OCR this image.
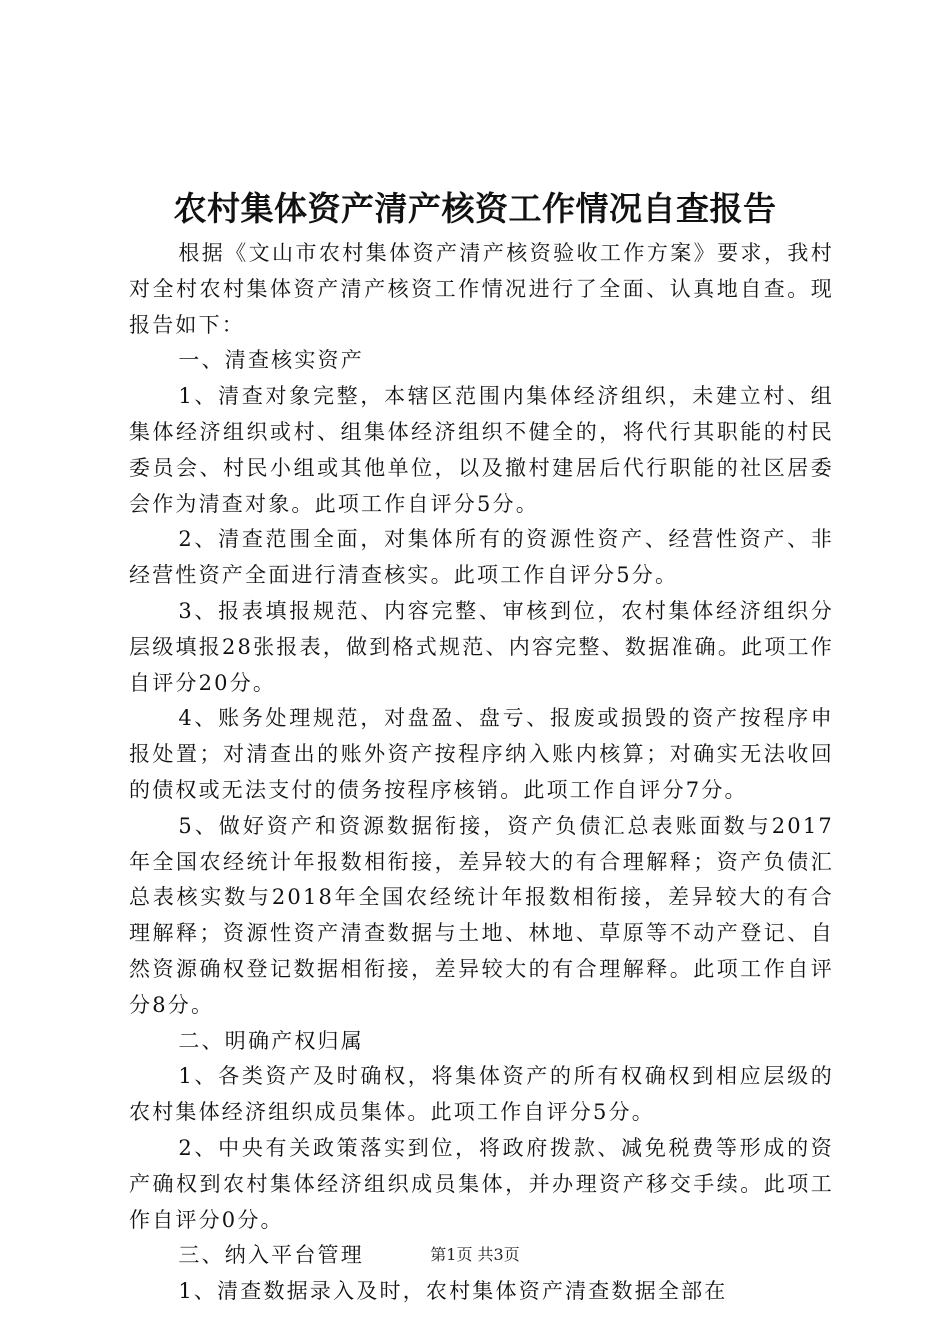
农村集体资产清产核资工作情况自查报告

根据《文山市农村集体资产清产核资验收工作方案》要求，我村对全村农村集体资产清产核资工作情况进行了全面、认真地自查。现报告如下：

一、清查核实资产

1、清查对象完整，本辖区范围内集体经济组织，未建立村、组集体经济组织或村、组集体经济组织不健全的，将代行其职能的村民委员会、村民小组或其他单位，以及撤村建居后代行职能的社区居委会作为清查对象。此项工作自评分5分。

2、清查范围全面，对集体所有的资源性资产、经营性资产、非经营性资产全面进行清查核实。此项工作自评分5分。

3、报表填报规范、内容完整、审核到位，农村集体经济组织分层级填报28张报表，做到格式规范、内容完整、数据准确。此项工作自评分20分。

4、账务处理规范，对盘盈、盘亏、报废或损毁的资产按程序申报处置；对清查出的账外资产按程序纳入账内核算；对确实无法收回的债权或无法支付的债务按程序核销。此项工作自评分7分。

5、做好资产和资源数据衔接，资产负债汇总表账面数与2017年全国农经统计年报数相衔接，差异较大的有合理解释；资产负债汇总表核实数与2018年全国农经统计年报数相衔接，差异较大的有合理解释；资源性资产清查数据与土地、林地、草原等不动产登记、自然资源确权登记数据相衔接，差异较大的有合理解释。此项工作自评分8分。

二、明确产权归属

1、各类资产及时确权，将集体资产的所有权确权到相应层级的农村集体经济组织成员集体。此项工作自评分5分。

2、中央有关政策落实到位，将政府拨款、减免税费等形成的资产确权到农村集体经济组织成员集体，并办理资产移交手续。此项工作自评分0分。

三、纳入平台管理

1、清查数据录入及时，农村集体资产清查数据全部在

第1页 共3页
